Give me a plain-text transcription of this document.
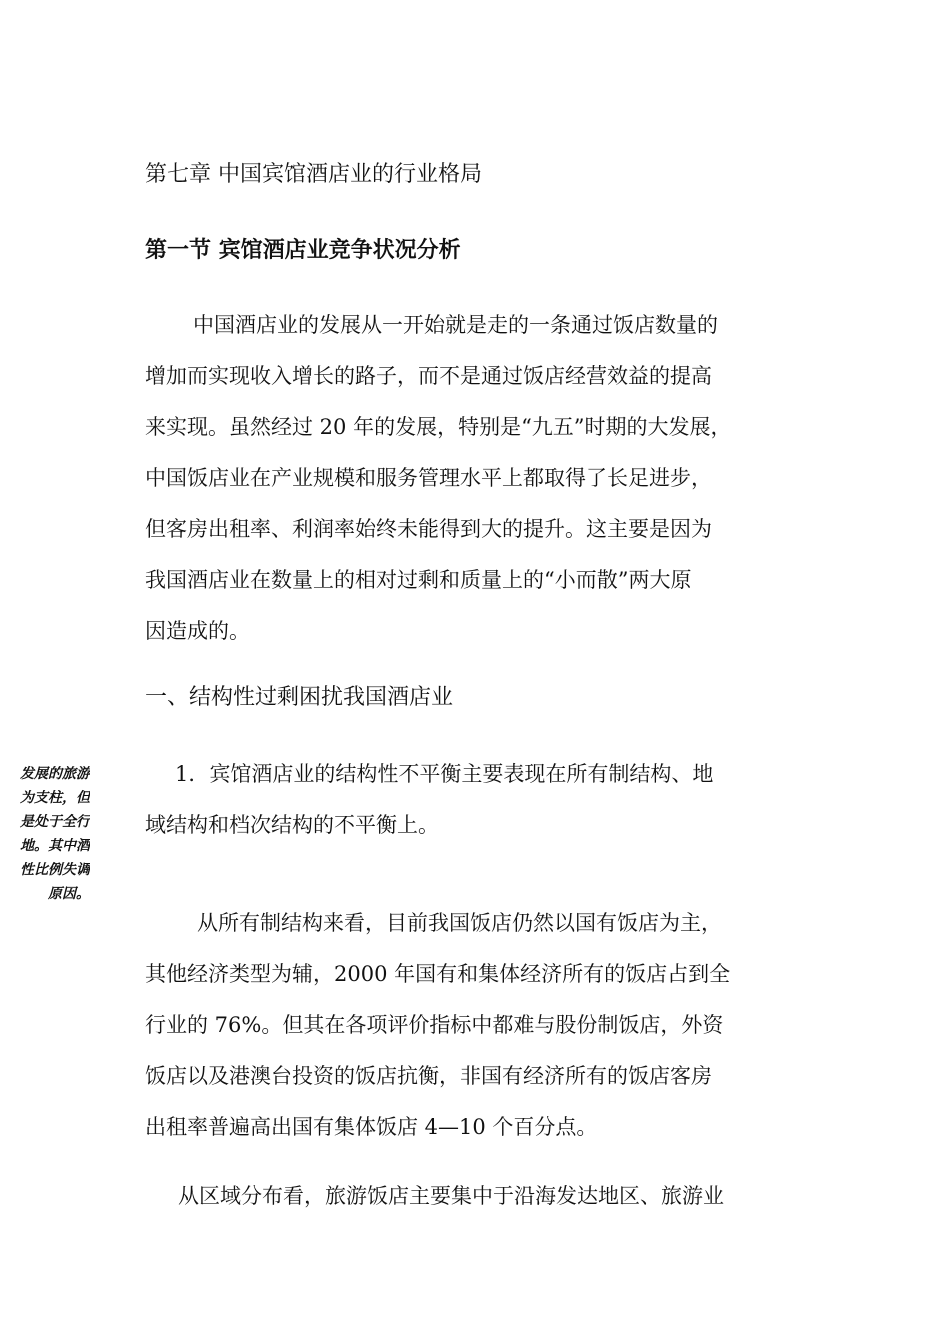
第七章 中国宾馆酒店业的行业格局
第一节 宾馆酒店业竞争状况分析
中国酒店业的发展从一开始就是走的一条通过饭店数量的
增加而实现收入增长的路子，而不是通过饭店经营效益的提高
来实现。虽然经过 20 年的发展，特别是“九五”时期的大发展，
中国饭店业在产业规模和服务管理水平上都取得了长足进步，
但客房出租率、利润率始终未能得到大的提升。这主要是因为
我国酒店业在数量上的相对过剩和质量上的“小而散”两大原
因造成的。
一、结构性过剩困扰我国酒店业
发展的旅游
为支柱，但
是处于全行
地。其中酒
性比例失调
原因。
1．宾馆酒店业的结构性不平衡主要表现在所有制结构、地
域结构和档次结构的不平衡上。
从所有制结构来看，目前我国饭店仍然以国有饭店为主，
其他经济类型为辅，2000 年国有和集体经济所有的饭店占到全
行业的 76%。但其在各项评价指标中都难与股份制饭店，外资
饭店以及港澳台投资的饭店抗衡，非国有经济所有的饭店客房
出租率普遍高出国有集体饭店 4—10 个百分点。
从区域分布看，旅游饭店主要集中于沿海发达地区、旅游业
